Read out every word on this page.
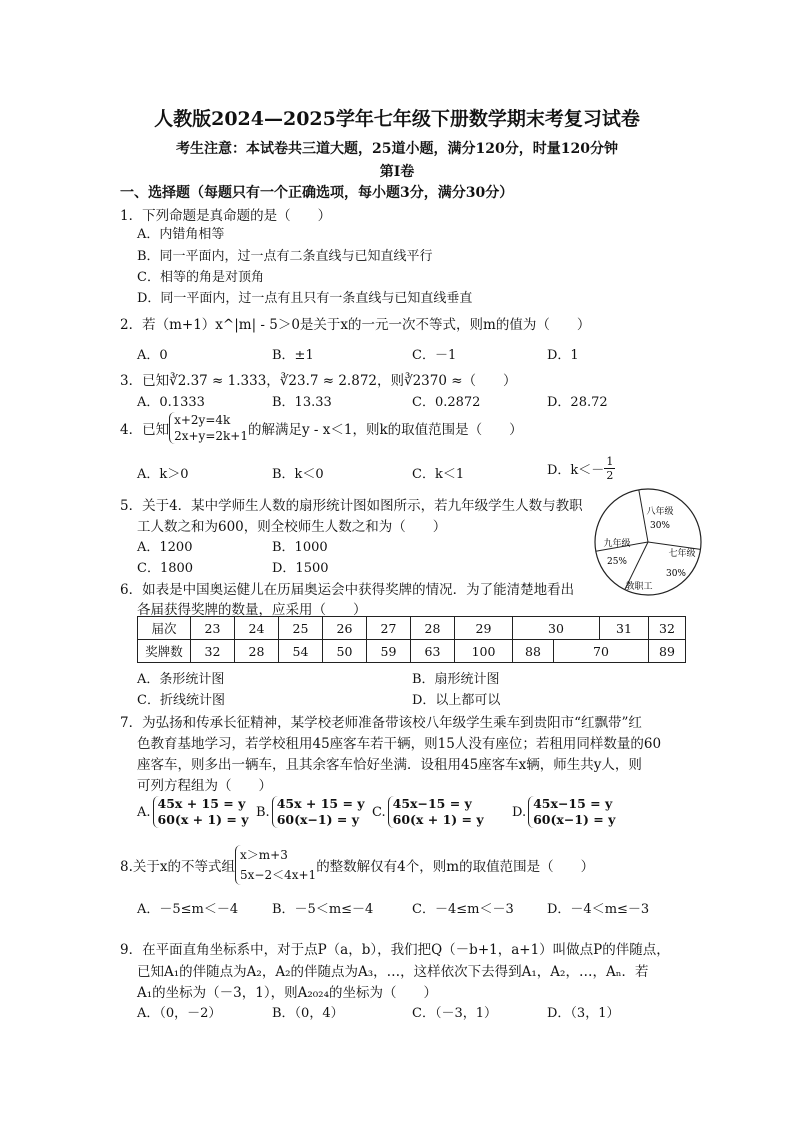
人教版2024—2025学年七年级下册数学期末考复习试卷
考生注意：本试卷共三道大题，25道小题，满分120分，时量120分钟
第Ⅰ卷
一、选择题（每题只有一个正确选项，每小题3分，满分30分）
1．下列命题是真命题的是（　　）
A．内错角相等
B．同一平面内，过一点有二条直线与已知直线平行
C．相等的角是对顶角
D．同一平面内，过一点有且只有一条直线与已知直线垂直
2．若（m+1）x^|m| - 5＞0是关于x的一元一次不等式，则m的值为（　　）
A．0	B．±1	C．－1	D．1
3．已知∛2.37 ≈ 1.333，∛23.7 ≈ 2.872，则∛2370 ≈（　　）
A．0.1333	B．13.33	C．0.2872	D．28.72
4．已知
x+2y=4k
2x+y=2k+1 的解满足y - x＜1，则k的取值范围是（　　）
A．k＞0	B．k＜0	C．k＜1	D．$k<- \frac{1}{2}$
5．关于4．某中学师生人数的扇形统计图如图所示，若九年级学生人数与教职
工人数之和为600，则全校师生人数之和为（　　）
A．1200	B．1000
C．1800	D．1500
八年级
30%
七年级
30%
教职工
九年级
25%
6．如表是中国奥运健儿在历届奥运会中获得奖牌的情况．为了能清楚地看出
各届获得奖牌的数量，应采用（　　）
届次	23	24	25	26	27	28	29	30		31	32
奖牌数	32	28	54	50	59	63	100	88	70		89
A．条形统计图	B．扇形统计图
C．折线统计图	D．以上都可以
7．为弘扬和传承长征精神，某学校老师准备带该校八年级学生乘车到贵阳市“红飘带”红
色教育基地学习，若学校租用45座客车若干辆，则15人没有座位；若租用同样数量的60
座客车，则多出一辆车，且其余客车恰好坐满．设租用45座客车x辆，师生共y人，则
可列方程组为（　　）
A.
45x + 15 = y
60(x + 1) = y B.
45x + 15 = y
60(x−1) = y	C.
45x−15 = y
60(x + 1) = y D.
45x−15 = y
60(x−1) = y
8.关于x的不等式组
x＞m+3
5x−2＜4x+1 的整数解仅有4个，则m的取值范围是（　　）
A．－5≤m＜－4	B．－5＜m≤－4	C．－4≤m＜－3	D．－4＜m≤－3
9．在平面直角坐标系中，对于点P（a，b），我们把Q（－b+1，a+1）叫做点P的伴随点，
已知A₁的伴随点为A₂，A₂的伴随点为A₃，…，这样依次下去得到A₁，A₂，…，Aₙ．若
A₁的坐标为（－3，1），则A₂₀₂₄的坐标为（　　）
A．（0，－2）	B．（0，4）	C．（－3，1）	D．（3，1）
